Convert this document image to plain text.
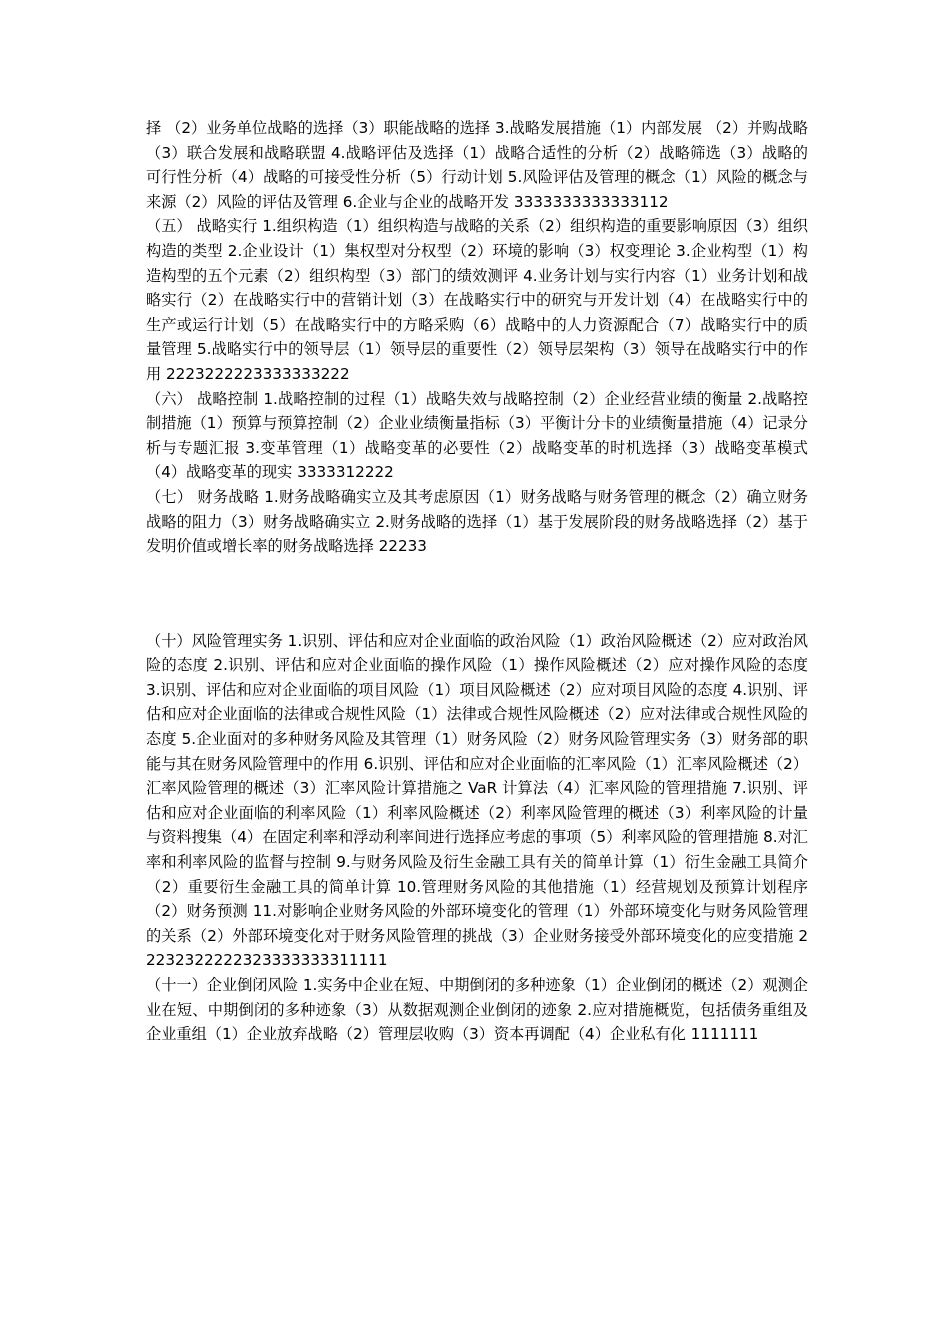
择 （2）业务单位战略的选择（3）职能战略的选择 3.战略发展措施（1）内部发展 （2）并购战略（3）联合发展和战略联盟 4.战略评估及选择（1）战略合适性的分析（2）战略筛选（3）战略的可行性分析（4）战略的可接受性分析（5）行动计划 5.风险评估及管理的概念（1）风险的概念与来源（2）风险的评估及管理 6.企业与企业的战略开发 3333333333333112

（五） 战略实行 1.组织构造（1）组织构造与战略的关系（2）组织构造的重要影响原因（3）组织构造的类型 2.企业设计（1）集权型对分权型（2）环境的影响（3）权变理论 3.企业构型（1）构造构型的五个元素（2）组织构型（3）部门的绩效测评 4.业务计划与实行内容（1）业务计划和战略实行（2）在战略实行中的营销计划（3）在战略实行中的研究与开发计划（4）在战略实行中的生产或运行计划（5）在战略实行中的方略采购（6）战略中的人力资源配合（7）战略实行中的质量管理 5.战略实行中的领导层（1）领导层的重要性（2）领导层架构（3）领导在战略实行中的作用 2223222223333333222

（六） 战略控制 1.战略控制的过程（1）战略失效与战略控制（2）企业经营业绩的衡量 2.战略控制措施（1）预算与预算控制（2）企业业绩衡量指标（3）平衡计分卡的业绩衡量措施（4）记录分析与专题汇报 3.变革管理（1）战略变革的必要性（2）战略变革的时机选择（3）战略变革模式（4）战略变革的现实 3333312222

（七） 财务战略 1.财务战略确实立及其考虑原因（1）财务战略与财务管理的概念（2）确立财务战略的阻力（3）财务战略确实立 2.财务战略的选择（1）基于发展阶段的财务战略选择（2）基于发明价值或增长率的财务战略选择 22233

（十）风险管理实务 1.识别、评估和应对企业面临的政治风险（1）政治风险概述（2）应对政治风险的态度 2.识别、评估和应对企业面临的操作风险（1）操作风险概述（2）应对操作风险的态度 3.识别、评估和应对企业面临的项目风险（1）项目风险概述（2）应对项目风险的态度 4.识别、评估和应对企业面临的法律或合规性风险（1）法律或合规性风险概述（2）应对法律或合规性风险的态度 5.企业面对的多种财务风险及其管理（1）财务风险（2）财务风险管理实务（3）财务部的职能与其在财务风险管理中的作用 6.识别、评估和应对企业面临的汇率风险（1）汇率风险概述（2）汇率风险管理的概述（3）汇率风险计算措施之 VaR 计算法（4）汇率风险的管理措施 7.识别、评估和应对企业面临的利率风险（1）利率风险概述（2）利率风险管理的概述（3）利率风险的计量与资料搜集（4）在固定利率和浮动利率间进行选择应考虑的事项（5）利率风险的管理措施 8.对汇率和利率风险的监督与控制 9.与财务风险及衍生金融工具有关的简单计算（1）衍生金融工具简介 （2）重要衍生金融工具的简单计算 10.管理财务风险的其他措施（1）经营规划及预算计划程序（2）财务预测 11.对影响企业财务风险的外部环境变化的管理（1）外部环境变化与财务风险管理的关系（2）外部环境变化对于财务风险管理的挑战（3）企业财务接受外部环境变化的应变措施 22232322222323333333311111

（十一）企业倒闭风险 1.实务中企业在短、中期倒闭的多种迹象（1）企业倒闭的概述（2）观测企业在短、中期倒闭的多种迹象（3）从数据观测企业倒闭的迹象 2.应对措施概览，包括债务重组及企业重组（1）企业放弃战略（2）管理层收购（3）资本再调配（4）企业私有化 1111111
